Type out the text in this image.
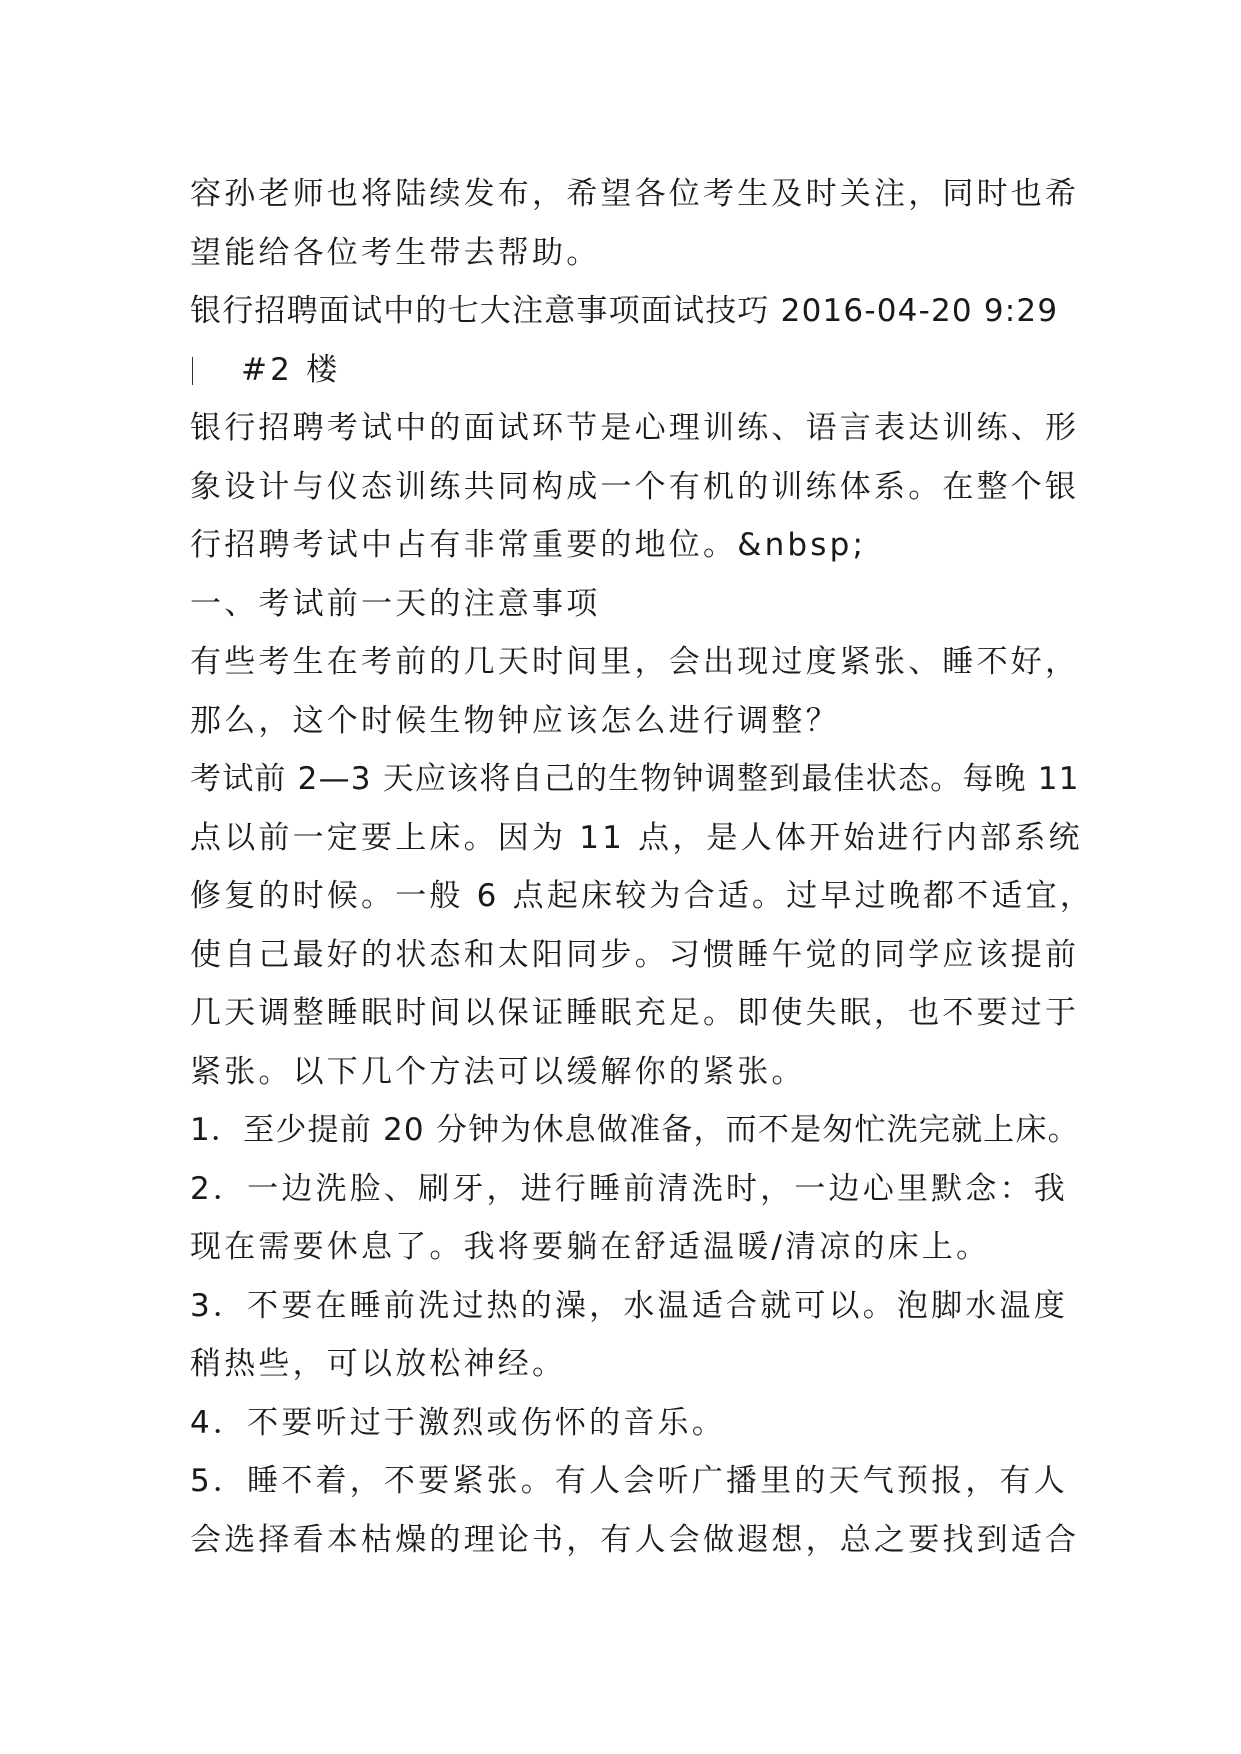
容孙老师也将陆续发布，希望各位考生及时关注，同时也希
望能给各位考生带去帮助。
银行招聘面试中的七大注意事项面试技巧 2016-04-20 9:29
#2 楼
银行招聘考试中的面试环节是心理训练、语言表达训练、形
象设计与仪态训练共同构成一个有机的训练体系。在整个银
行招聘考试中占有非常重要的地位。&nbsp;
一、考试前一天的注意事项
有些考生在考前的几天时间里，会出现过度紧张、睡不好，
那么，这个时候生物钟应该怎么进行调整？
考试前 2—3 天应该将自己的生物钟调整到最佳状态。每晚 11
点以前一定要上床。因为 11 点，是人体开始进行内部系统
修复的时候。一般 6 点起床较为合适。过早过晚都不适宜，
使自己最好的状态和太阳同步。习惯睡午觉的同学应该提前
几天调整睡眠时间以保证睡眠充足。即使失眠，也不要过于
紧张。以下几个方法可以缓解你的紧张。
1．至少提前 20 分钟为休息做准备，而不是匆忙洗完就上床。
2．一边洗脸、刷牙，进行睡前清洗时，一边心里默念：我
现在需要休息了。我将要躺在舒适温暖/清凉的床上。
3．不要在睡前洗过热的澡，水温适合就可以。泡脚水温度
稍热些，可以放松神经。
4．不要听过于激烈或伤怀的音乐。
5．睡不着，不要紧张。有人会听广播里的天气预报，有人
会选择看本枯燥的理论书，有人会做遐想，总之要找到适合
